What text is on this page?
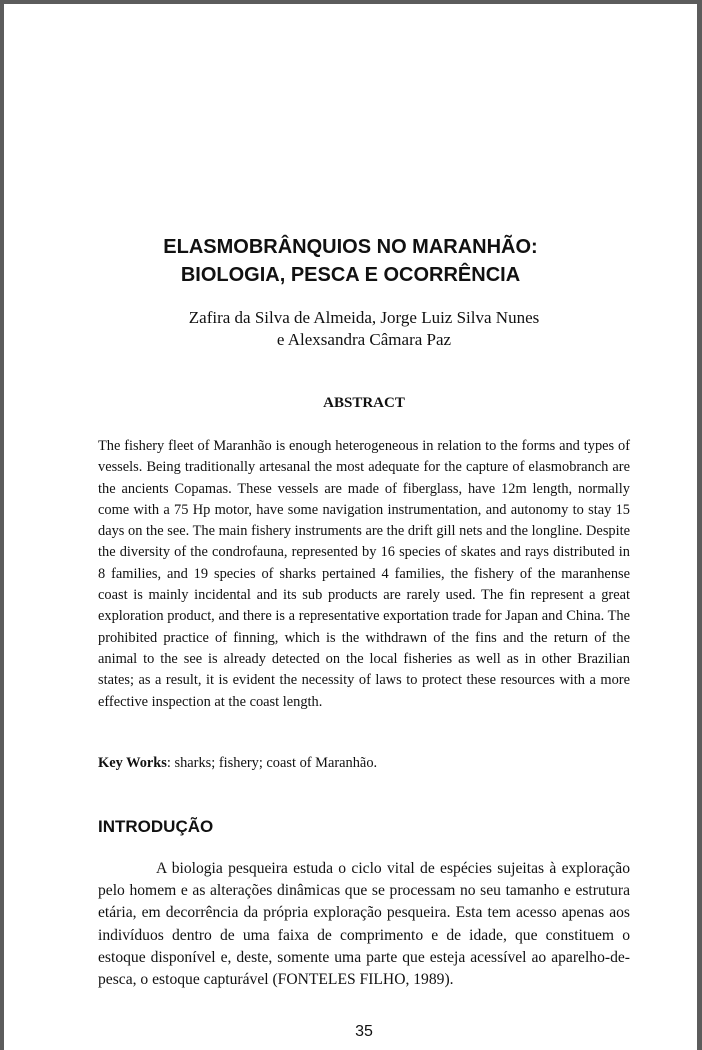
ELASMOBRÂNQUIOS NO MARANHÃO:
BIOLOGIA, PESCA E OCORRÊNCIA
Zafira da Silva de Almeida, Jorge Luiz Silva Nunes
e Alexsandra Câmara Paz
ABSTRACT

The fishery fleet of Maranhão is enough heterogeneous in relation to the forms and types of vessels. Being traditionally artesanal the most adequate for the capture of elasmobranch are the ancients Copamas. These vessels are made of fiberglass, have 12m length, normally come with a 75 Hp motor, have some navigation instrumentation, and autonomy to stay 15 days on the see. The main fishery instruments are the drift gill nets and the longline. Despite the diversity of the condrofauna, represented by 16 species of skates and rays distributed in 8 families, and 19 species of sharks pertained 4 families, the fishery of the maranhense coast is mainly incidental and its sub products are rarely used. The fin represent a great exploration product, and there is a representative exportation trade for Japan and China. The prohibited practice of finning, which is the withdrawn of the fins and the return of the animal to the see is already detected on the local fisheries as well as in other Brazilian states; as a result, it is evident the necessity of laws to protect these resources with a more effective inspection at the coast length.

Key Works: sharks; fishery; coast of Maranhão.
INTRODUÇÃO

A biologia pesqueira estuda o ciclo vital de espécies sujeitas à exploração pelo homem e as alterações dinâmicas que se processam no seu tamanho e estrutura etária, em decorrência da própria exploração pesqueira. Esta tem acesso apenas aos indivíduos dentro de uma faixa de comprimento e de idade, que constituem o estoque disponível e, deste, somente uma parte que esteja acessível ao aparelho-de-pesca, o estoque capturável (FONTELES FILHO, 1989).

35
